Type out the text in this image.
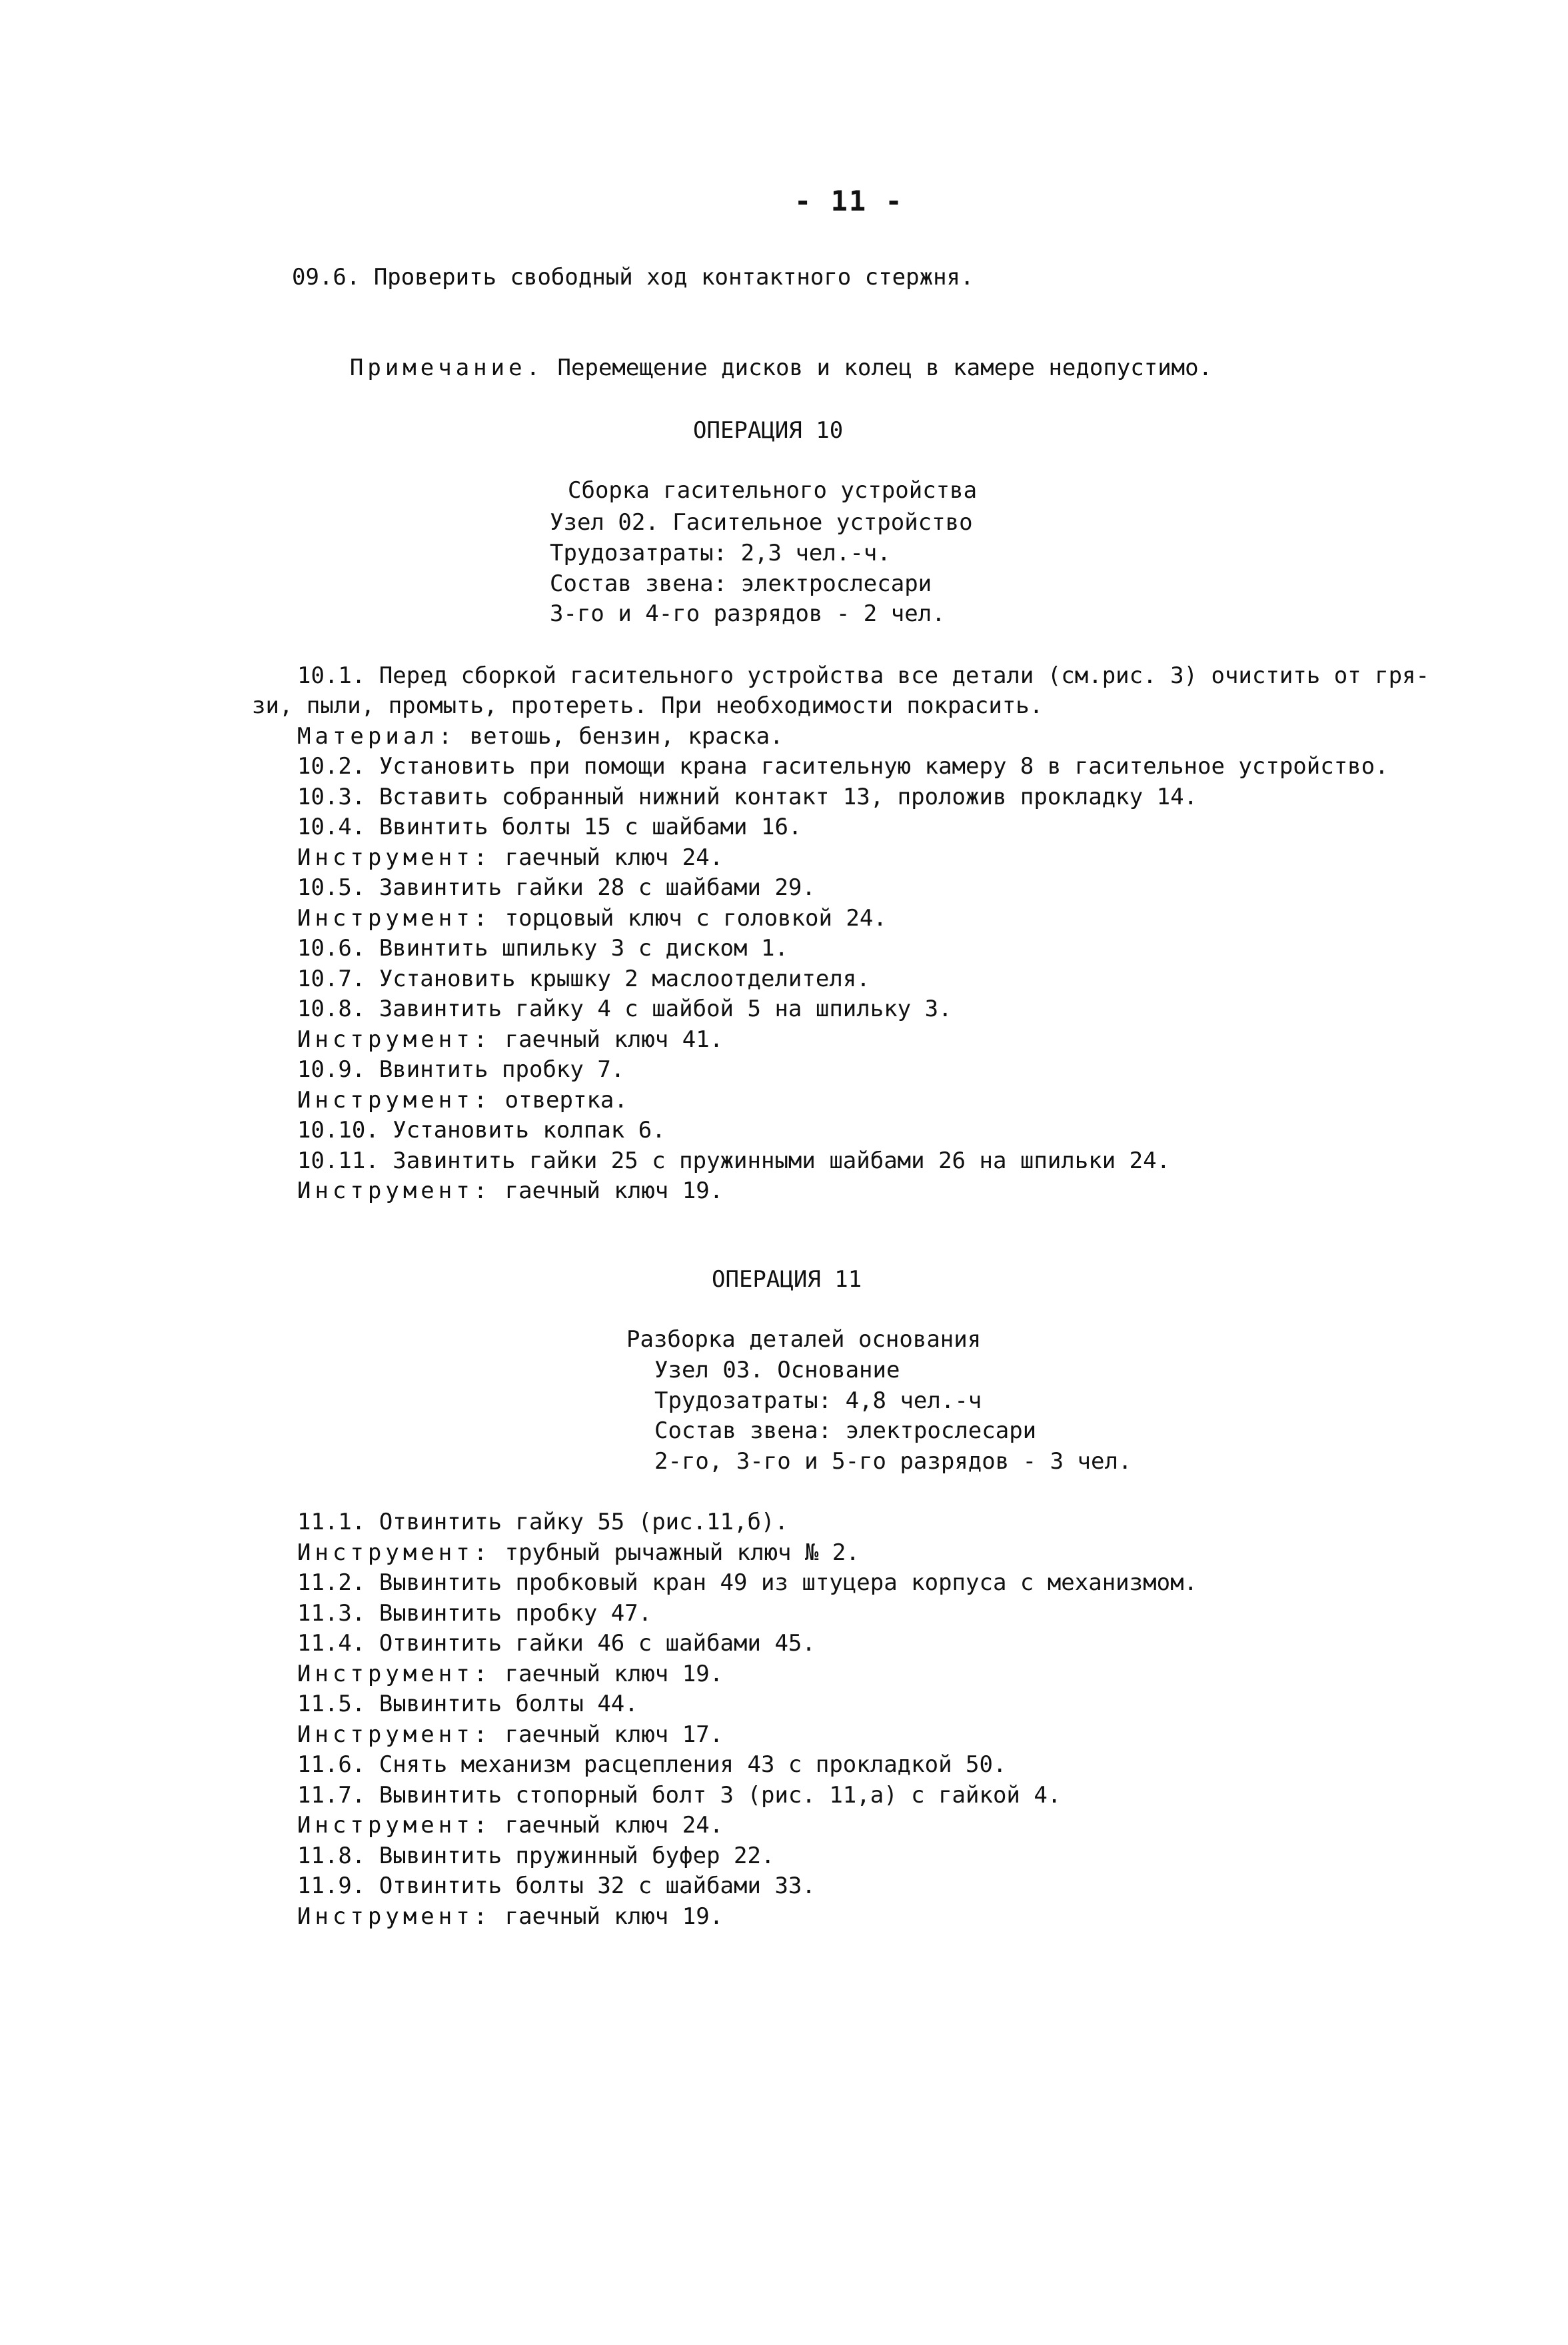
- 11 -
09.6. Проверить свободный ход контактного стержня.

Примечание. Перемещение дисков и колец в камере недопустимо.

ОПЕРАЦИЯ 10
Сборка гасительного устройства
Узел 02. Гасительное устройство
Трудозатраты: 2,3 чел.-ч.
Состав звена: электрослесари
3-го и 4-го разрядов - 2 чел.
10.1. Перед сборкой гасительного устройства все детали (см.рис. 3) очистить от гря-
зи, пыли, промыть, протереть. При необходимости покрасить.
Материал: ветошь, бензин, краска.
10.2. Установить при помощи крана гасительную камеру 8 в гасительное устройство.
10.3. Вставить собранный нижний контакт 13, проложив прокладку 14.
10.4. Ввинтить болты 15 с шайбами 16.
Инструмент: гаечный ключ 24.
10.5. Завинтить гайки 28 с шайбами 29.
Инструмент: торцовый ключ с головкой 24.
10.6. Ввинтить шпильку 3 с диском 1.
10.7. Установить крышку 2 маслоотделителя.
10.8. Завинтить гайку 4 с шайбой 5 на шпильку 3.
Инструмент: гаечный ключ 41.
10.9. Ввинтить пробку 7.
Инструмент: отвертка.
10.10. Установить колпак 6.
10.11. Завинтить гайки 25 с пружинными шайбами 26 на шпильки 24.
Инструмент: гаечный ключ 19.
ОПЕРАЦИЯ 11
Разборка деталей основания
Узел 03. Основание
Трудозатраты: 4,8 чел.-ч
Состав звена: электрослесари
2-го, 3-го и 5-го разрядов - 3 чел.
11.1. Отвинтить гайку 55 (рис.11,б).
Инструмент: трубный рычажный ключ № 2.
11.2. Вывинтить пробковый кран 49 из штуцера корпуса с механизмом.
11.3. Вывинтить пробку 47.
11.4. Отвинтить гайки 46 с шайбами 45.
Инструмент: гаечный ключ 19.
11.5. Вывинтить болты 44.
Инструмент: гаечный ключ 17.
11.6. Снять механизм расцепления 43 с прокладкой 50.
11.7. Вывинтить стопорный болт 3 (рис. 11,а) с гайкой 4.
Инструмент: гаечный ключ 24.
11.8. Вывинтить пружинный буфер 22.
11.9. Отвинтить болты 32 с шайбами 33.
Инструмент: гаечный ключ 19.
